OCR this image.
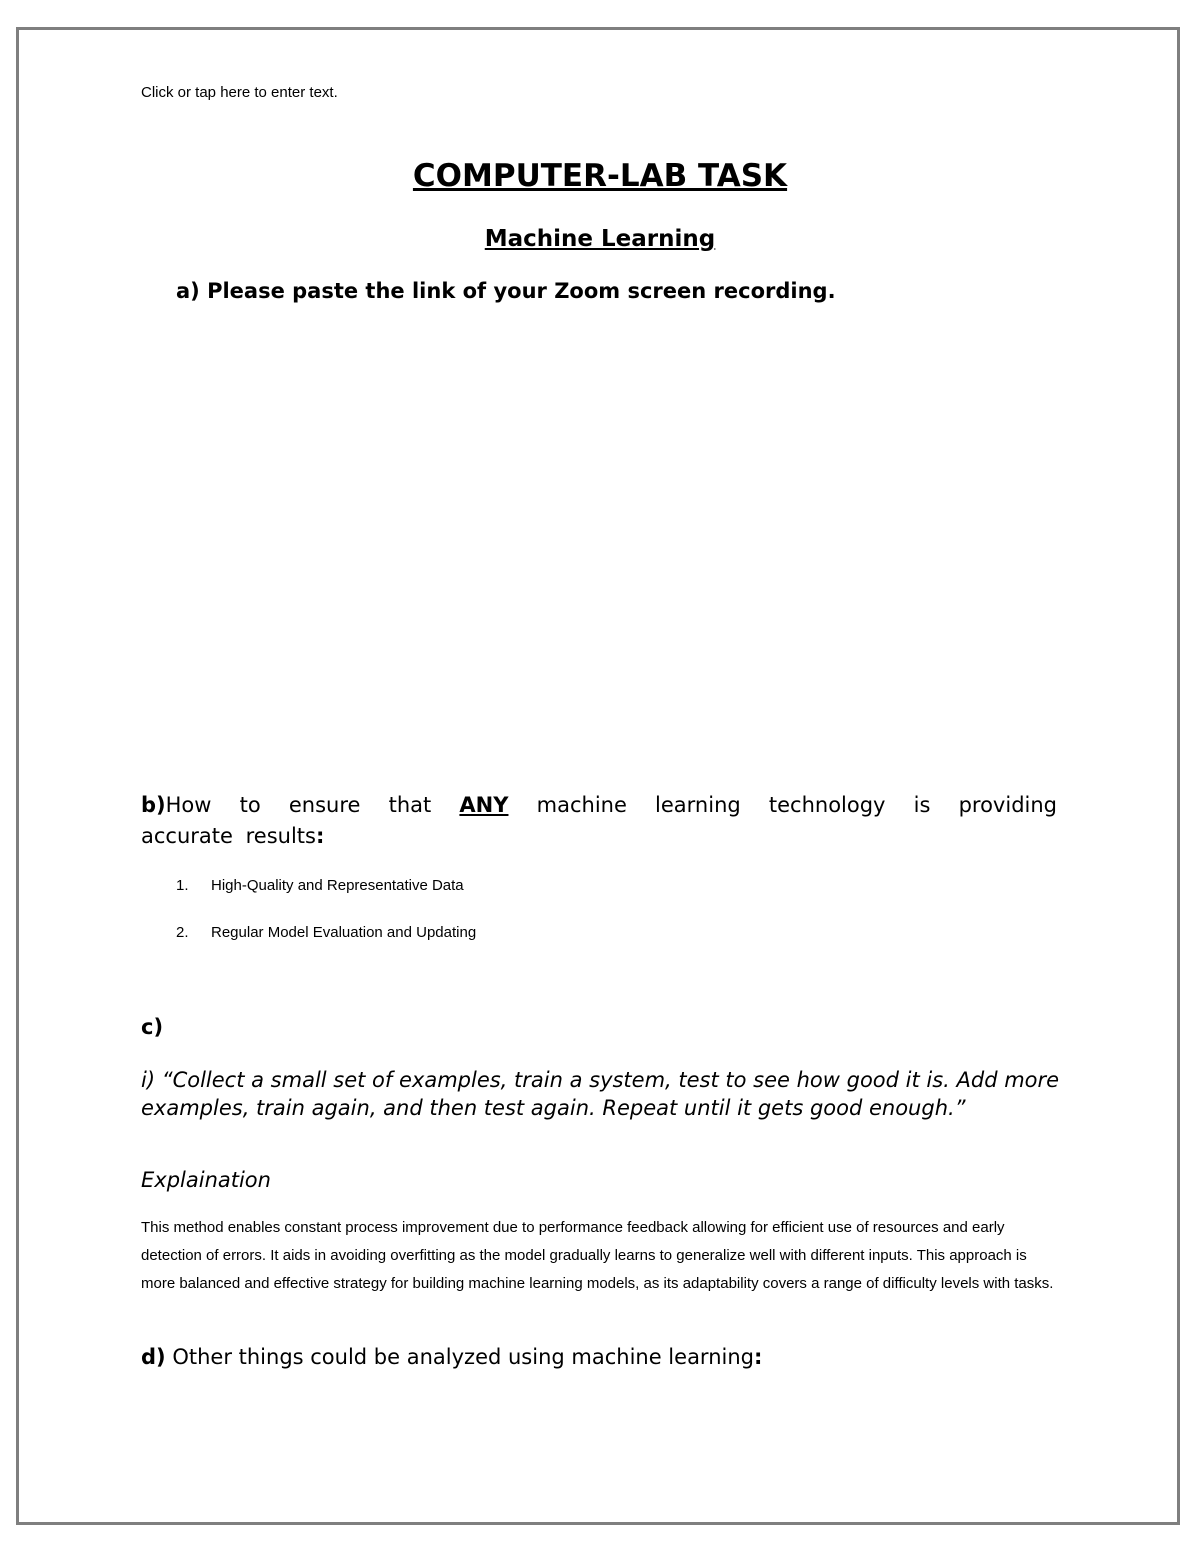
Click or tap here to enter text.
COMPUTER-LAB TASK
Machine Learning

a) Please paste the link of your Zoom screen recording.

b)How to ensure that ANY machine learning technology is providing
accurate results:

1. High-Quality and Representative Data
2. Regular Model Evaluation and Updating

c)

i) “Collect a small set of examples, train a system, test to see how good it is. Add more examples, train again, and then test again. Repeat until it gets good enough.”

Explaination

This method enables constant process improvement due to performance feedback allowing for efficient use of resources and early detection of errors. It aids in avoiding overfitting as the model gradually learns to generalize well with different inputs. This approach is more balanced and effective strategy for building machine learning models, as its adaptability covers a range of difficulty levels with tasks.

d) Other things could be analyzed using machine learning:
